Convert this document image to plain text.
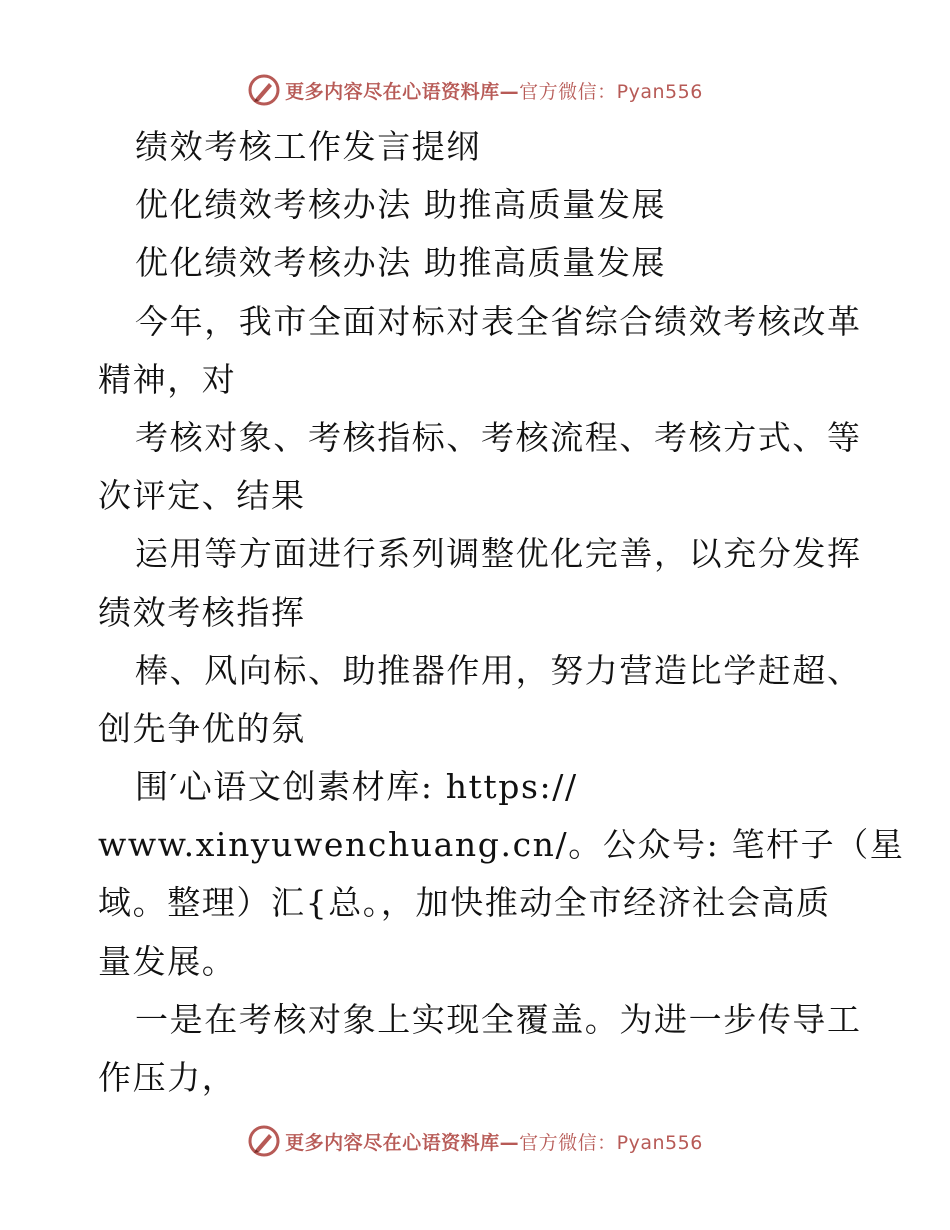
更多内容尽在心语资料库— 官方微信：Pyan556
绩效考核工作发言提纲
优化绩效考核办法 助推高质量发展
优化绩效考核办法 助推高质量发展
今年，我市全面对标对表全省综合绩效考核改革
精神，对
考核对象、考核指标、考核流程、考核方式、等
次评定、结果
运用等方面进行系列调整优化完善，以充分发挥
绩效考核指挥
棒、风向标、助推器作用，努力营造比学赶超、
创先争优的氛
围′心语文创素材库: https://
www.xinyuwenchuang.cn/。公众号: 笔杆子（星
域。整理）汇{总。，加快推动全市经济社会高质
量发展。
一是在考核对象上实现全覆盖。为进一步传导工
作压力，
更多内容尽在心语资料库— 官方微信：Pyan556
